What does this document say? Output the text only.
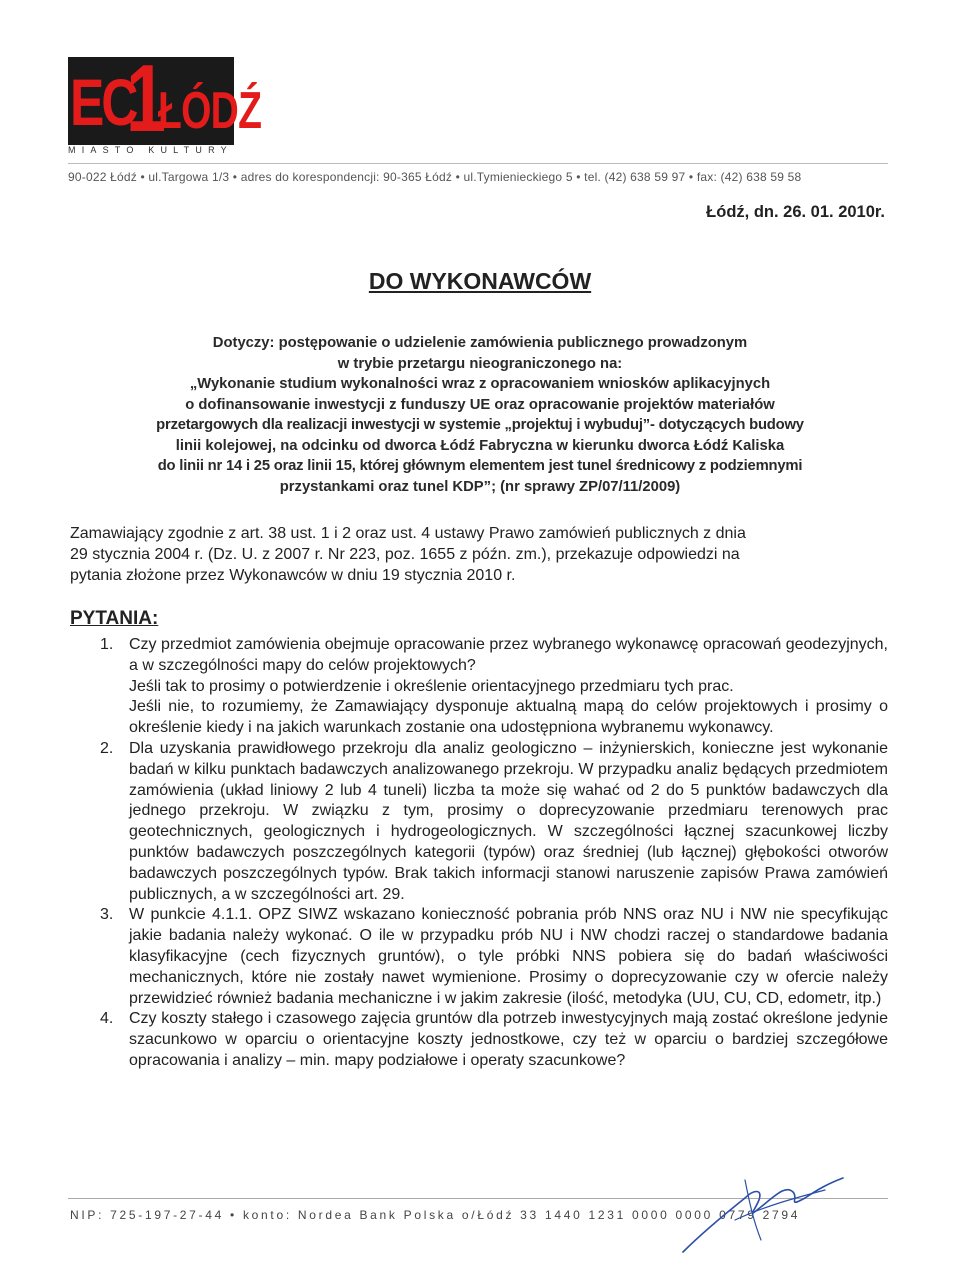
EC
1
ŁÓDŹ
MIASTO KULTURY
90-022 Łódź • ul.Targowa 1/3 • adres do korespondencji: 90-365 Łódź • ul.Tymienieckiego 5 • tel. (42) 638 59 97 • fax: (42) 638 59 58
Łódź, dn. 26. 01. 2010r.
DO WYKONAWCÓW
Dotyczy: postępowanie o udzielenie zamówienia publicznego prowadzonym
w trybie przetargu nieograniczonego na:
„Wykonanie studium wykonalności wraz z opracowaniem wniosków aplikacyjnych
o dofinansowanie inwestycji z funduszy UE oraz opracowanie projektów materiałów
przetargowych dla realizacji inwestycji w systemie „projektuj i wybuduj”- dotyczących budowy
linii kolejowej, na odcinku od dworca Łódź Fabryczna w kierunku dworca Łódź Kaliska
do linii nr 14 i 25 oraz linii 15, której głównym elementem jest tunel średnicowy z podziemnymi
przystankami oraz tunel KDP”; (nr sprawy ZP/07/11/2009)
Zamawiający zgodnie z art. 38 ust. 1 i 2 oraz ust. 4 ustawy Prawo zamówień publicznych z dnia
29 stycznia 2004 r. (Dz. U. z 2007 r. Nr 223, poz. 1655 z późn. zm.), przekazuje odpowiedzi na
pytania złożone przez Wykonawców w dniu 19 stycznia 2010 r.
PYTANIA:
1. Czy przedmiot zamówienia obejmuje opracowanie przez wybranego wykonawcę opracowań geodezyjnych, a w szczególności mapy do celów projektowych?
Jeśli tak to prosimy o potwierdzenie i określenie orientacyjnego przedmiaru tych prac.
Jeśli nie, to rozumiemy, że Zamawiający dysponuje aktualną mapą do celów projektowych i prosimy o określenie kiedy i na jakich warunkach zostanie ona udostępniona wybranemu wykonawcy.
2. Dla uzyskania prawidłowego przekroju dla analiz geologiczno – inżynierskich, konieczne jest wykonanie badań w kilku punktach badawczych analizowanego przekroju. W przypadku analiz będących przedmiotem zamówienia (układ liniowy 2 lub 4 tuneli) liczba ta może się wahać od 2 do 5 punktów badawczych dla jednego przekroju. W związku z tym, prosimy o doprecyzowanie przedmiaru terenowych prac geotechnicznych, geologicznych i hydrogeologicznych. W szczególności łącznej szacunkowej liczby punktów badawczych poszczególnych kategorii (typów) oraz średniej (lub łącznej) głębokości otworów badawczych poszczególnych typów. Brak takich informacji stanowi naruszenie zapisów Prawa zamówień publicznych, a w szczególności art. 29.
3. W punkcie 4.1.1. OPZ SIWZ wskazano konieczność pobrania prób NNS oraz NU i NW nie specyfikując jakie badania należy wykonać. O ile w przypadku prób NU i NW chodzi raczej o standardowe badania klasyfikacyjne (cech fizycznych gruntów), o tyle próbki NNS pobiera się do badań właściwości mechanicznych, które nie zostały nawet wymienione. Prosimy o doprecyzowanie czy w ofercie należy przewidzieć również badania mechaniczne i w jakim zakresie (ilość, metodyka (UU, CU, CD, edometr, itp.)
4. Czy koszty stałego i czasowego zajęcia gruntów dla potrzeb inwestycyjnych mają zostać określone jedynie szacunkowo w oparciu o orientacyjne koszty jednostkowe, czy też w oparciu o bardziej szczegółowe opracowania i analizy – min. mapy podziałowe i operaty szacunkowe?
NIP: 725-197-27-44 • konto: Nordea Bank Polska o/Łódź 33 1440 1231 0000 0000 0779 2794
